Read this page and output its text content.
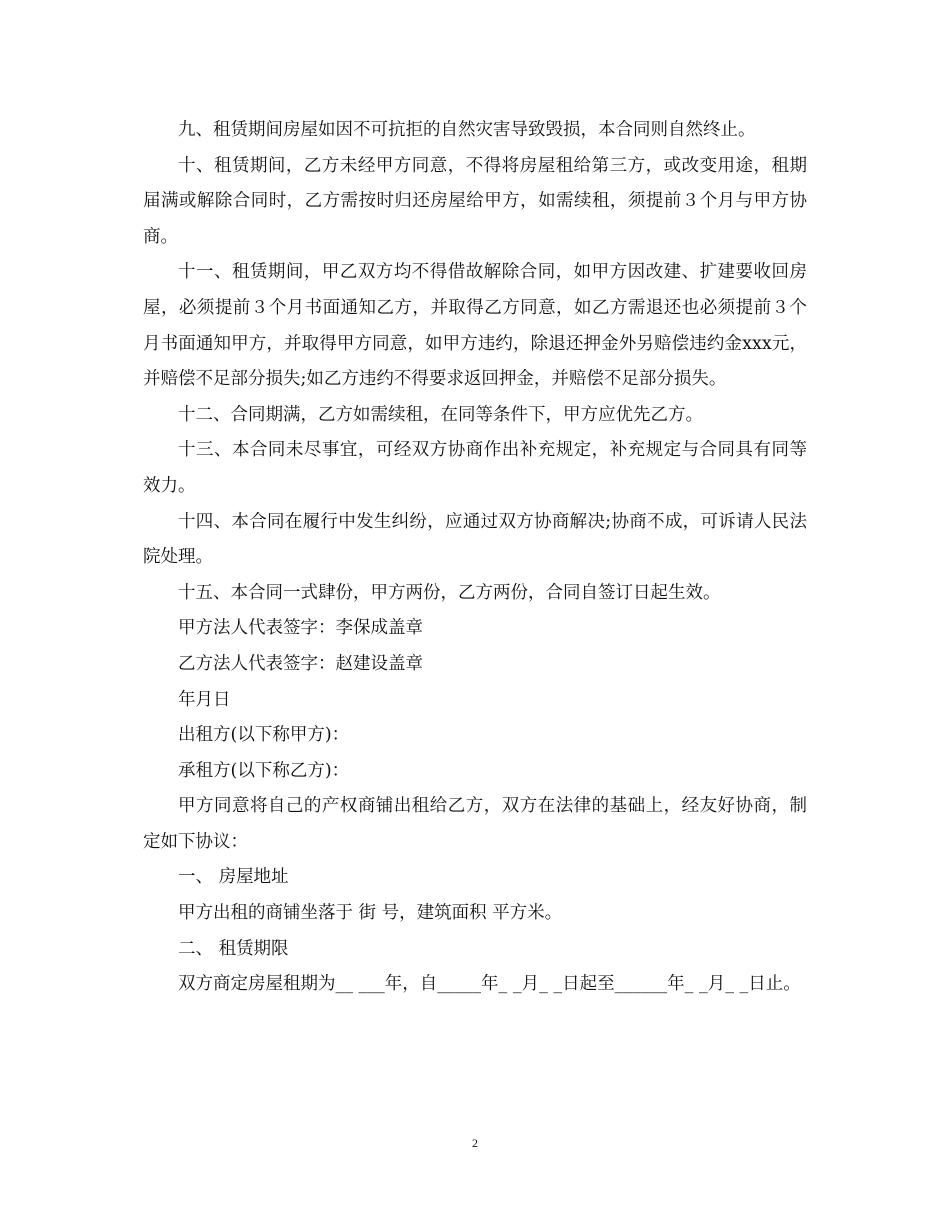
九、租赁期间房屋如因不可抗拒的自然灾害导致毁损，本合同则自然终止。

十、租赁期间，乙方未经甲方同意，不得将房屋租给第三方，或改变用途，租期届满或解除合同时，乙方需按时归还房屋给甲方，如需续租，须提前３个月与甲方协商。

十一、租赁期间，甲乙双方均不得借故解除合同，如甲方因改建、扩建要收回房屋，必须提前３个月书面通知乙方，并取得乙方同意，如乙方需退还也必须提前３个月书面通知甲方，并取得甲方同意，如甲方违约，除退还押金外另赔偿违约金xxx元，并赔偿不足部分损失;如乙方违约不得要求返回押金，并赔偿不足部分损失。

十二、合同期满，乙方如需续租，在同等条件下，甲方应优先乙方。

十三、本合同未尽事宜，可经双方协商作出补充规定，补充规定与合同具有同等效力。

十四、本合同在履行中发生纠纷，应通过双方协商解决;协商不成，可诉请人民法院处理。

十五、本合同一式肆份，甲方两份，乙方两份，合同自签订日起生效。

甲方法人代表签字：李保成盖章

乙方法人代表签字：赵建设盖章

年月日

出租方(以下称甲方)：

承租方(以下称乙方)：

甲方同意将自己的产权商铺出租给乙方，双方在法律的基础上，经友好协商，制定如下协议：

一、 房屋地址

甲方出租的商铺坐落于 街 号，建筑面积 平方米。

二、 租赁期限

双方商定房屋租期为__ ___年，自_____年_ _月_ _日起至______年_ _月_ _日止。

2
